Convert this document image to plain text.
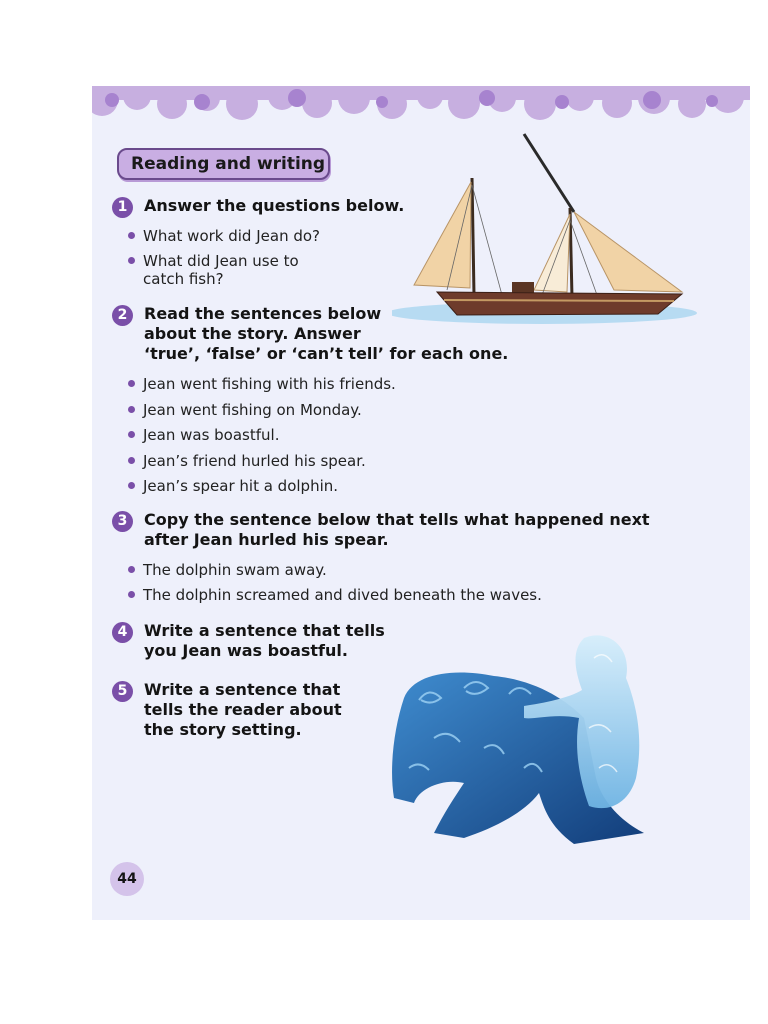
Reading and writing
1	Answer the questions below.
What work did Jean do?
What did Jean use to
catch fish?
2	Read the sentences below
about the story. Answer
‘true’, ‘false’ or ‘can’t tell’ for each one.
Jean went fishing with his friends.
Jean went fishing on Monday.
Jean was boastful.
Jean’s friend hurled his spear.
Jean’s spear hit a dolphin.
3	Copy the sentence below that tells what happened next
after Jean hurled his spear.
The dolphin swam away.
The dolphin screamed and dived beneath the waves.
4	Write a sentence that tells
you Jean was boastful.
5	Write a sentence that
tells the reader about
the story setting.
44
